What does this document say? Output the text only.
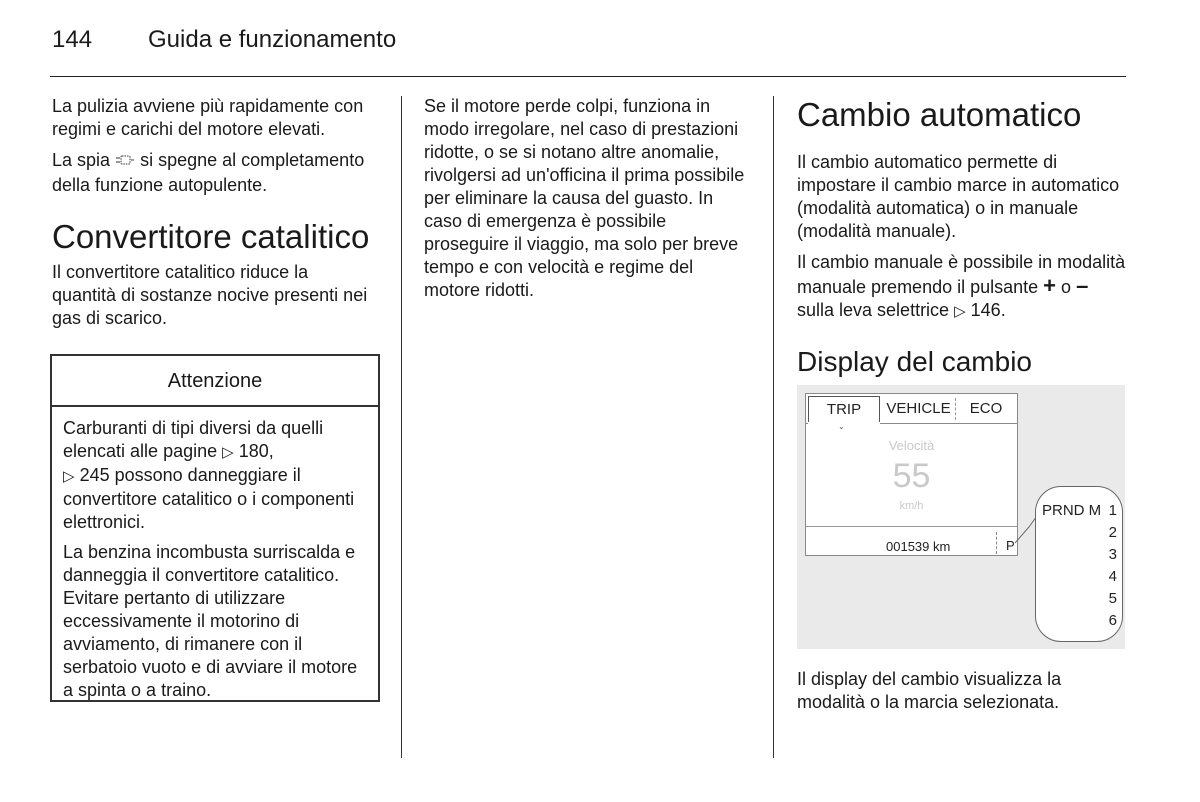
144 Guida e funzionamento

La pulizia avviene più rapidamente con regimi e carichi del motore elevati.

La spia si spegne al completamento della funzione autopulente.

Convertitore catalitico

Il convertitore catalitico riduce la quantità di sostanze nocive presenti nei gas di scarico.

Attenzione

Carburanti di tipi diversi da quelli elencati alle pagine ▷ 180,
▷ 245 possono danneggiare il convertitore catalitico o i componenti elettronici.

La benzina incombusta surriscalda e danneggia il convertitore catalitico. Evitare pertanto di utilizzare eccessivamente il motorino di avviamento, di rimanere con il serbatoio vuoto e di avviare il motore a spinta o a traino.

Se il motore perde colpi, funziona in modo irregolare, nel caso di prestazioni ridotte, o se si notano altre anomalie, rivolgersi ad un'officina il prima possibile per eliminare la causa del guasto. In caso di emergenza è possibile proseguire il viaggio, ma solo per breve tempo e con velocità e regime del motore ridotti.

Cambio automatico

Il cambio automatico permette di impostare il cambio marce in automatico (modalità automatica) o in manuale (modalità manuale).

Il cambio manuale è possibile in modalità manuale premendo il pulsante + o – sulla leva selettrice ▷ 146.

Display del cambio
TRIP	VEHICLE	ECO
⌄
Velocità
55
km/h
001539 km	P
PRND M 1
2
3
4
5
6

Il display del cambio visualizza la modalità o la marcia selezionata.
